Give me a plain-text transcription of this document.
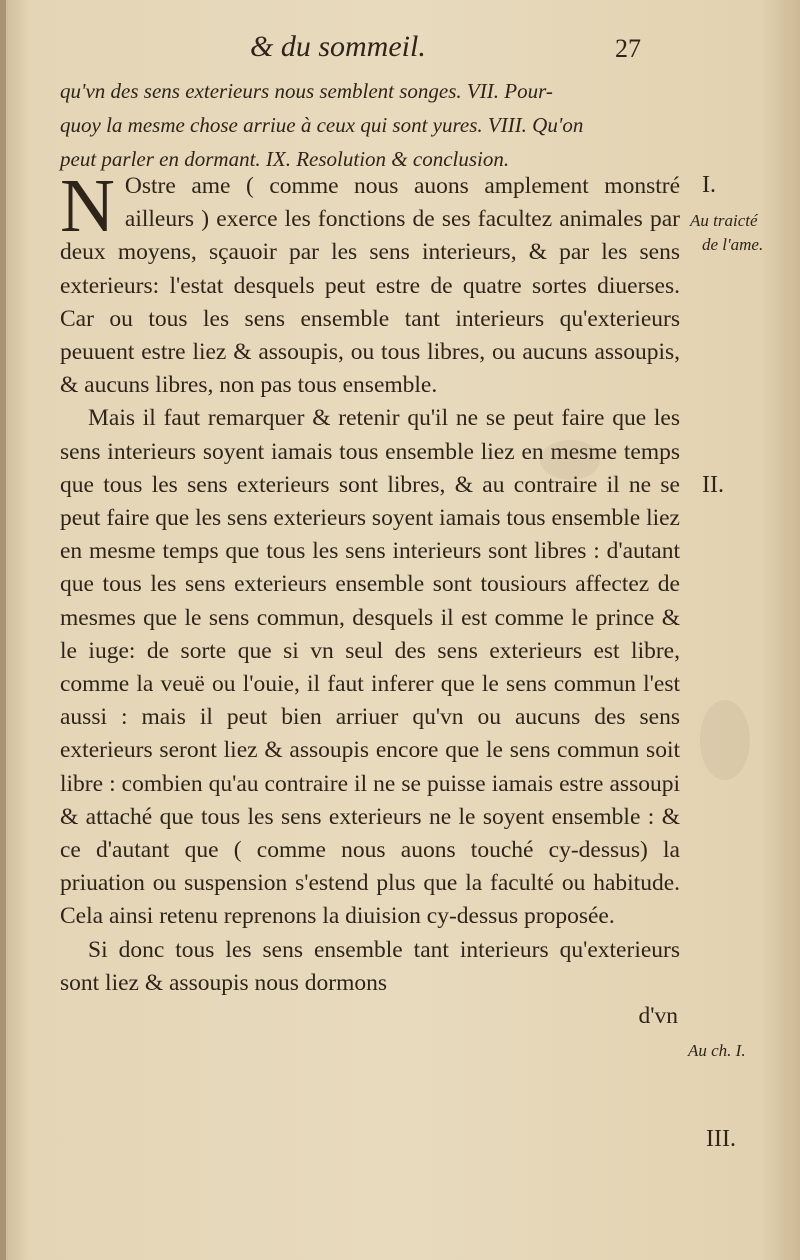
& du sommeil.	27
qu'vn des sens exterieurs nous semblent songes. VII. Pour-
quoy la mesme chose arriue à ceux qui sont yures. VIII. Qu'on
peut parler en dormant. IX. Resolution & conclusion.

N Ostre ame ( comme nous auons amplement monstré ailleurs ) exerce les fonctions de ses facultez animales par deux moyens, sçauoir par les sens interieurs, & par les sens exterieurs: l'estat desquels peut estre de quatre sortes diuerses. Car ou tous les sens ensemble tant interieurs qu'exterieurs peuuent estre liez & assoupis, ou tous libres, ou aucuns assoupis, & aucuns libres, non pas tous ensemble.

Mais il faut remarquer & retenir qu'il ne se peut faire que les sens interieurs soyent iamais tous ensemble liez en mesme temps que tous les sens exterieurs sont libres, & au contraire il ne se peut faire que les sens exterieurs soyent iamais tous ensemble liez en mesme temps que tous les sens interieurs sont libres : d'autant que tous les sens exterieurs ensemble sont tousiours affectez de mesmes que le sens commun, desquels il est comme le prince & le iuge: de sorte que si vn seul des sens exterieurs est libre, comme la veuë ou l'ouie, il faut inferer que le sens commun l'est aussi : mais il peut bien arriuer qu'vn ou aucuns des sens exterieurs seront liez & assoupis encore que le sens commun soit libre : combien qu'au contraire il ne se puisse iamais estre assoupi & attaché que tous les sens exterieurs ne le soyent ensemble : & ce d'autant que ( comme nous auons touché cy-dessus) la priuation ou suspension s'estend plus que la faculté ou habitude. Cela ainsi retenu reprenons la diuision cy-dessus proposée.

Si donc tous les sens ensemble tant interieurs qu'exterieurs sont liez & assoupis nous dormons

d'vn
I.
Au traicté
de l'ame.
II.
Au ch. I.
III.
